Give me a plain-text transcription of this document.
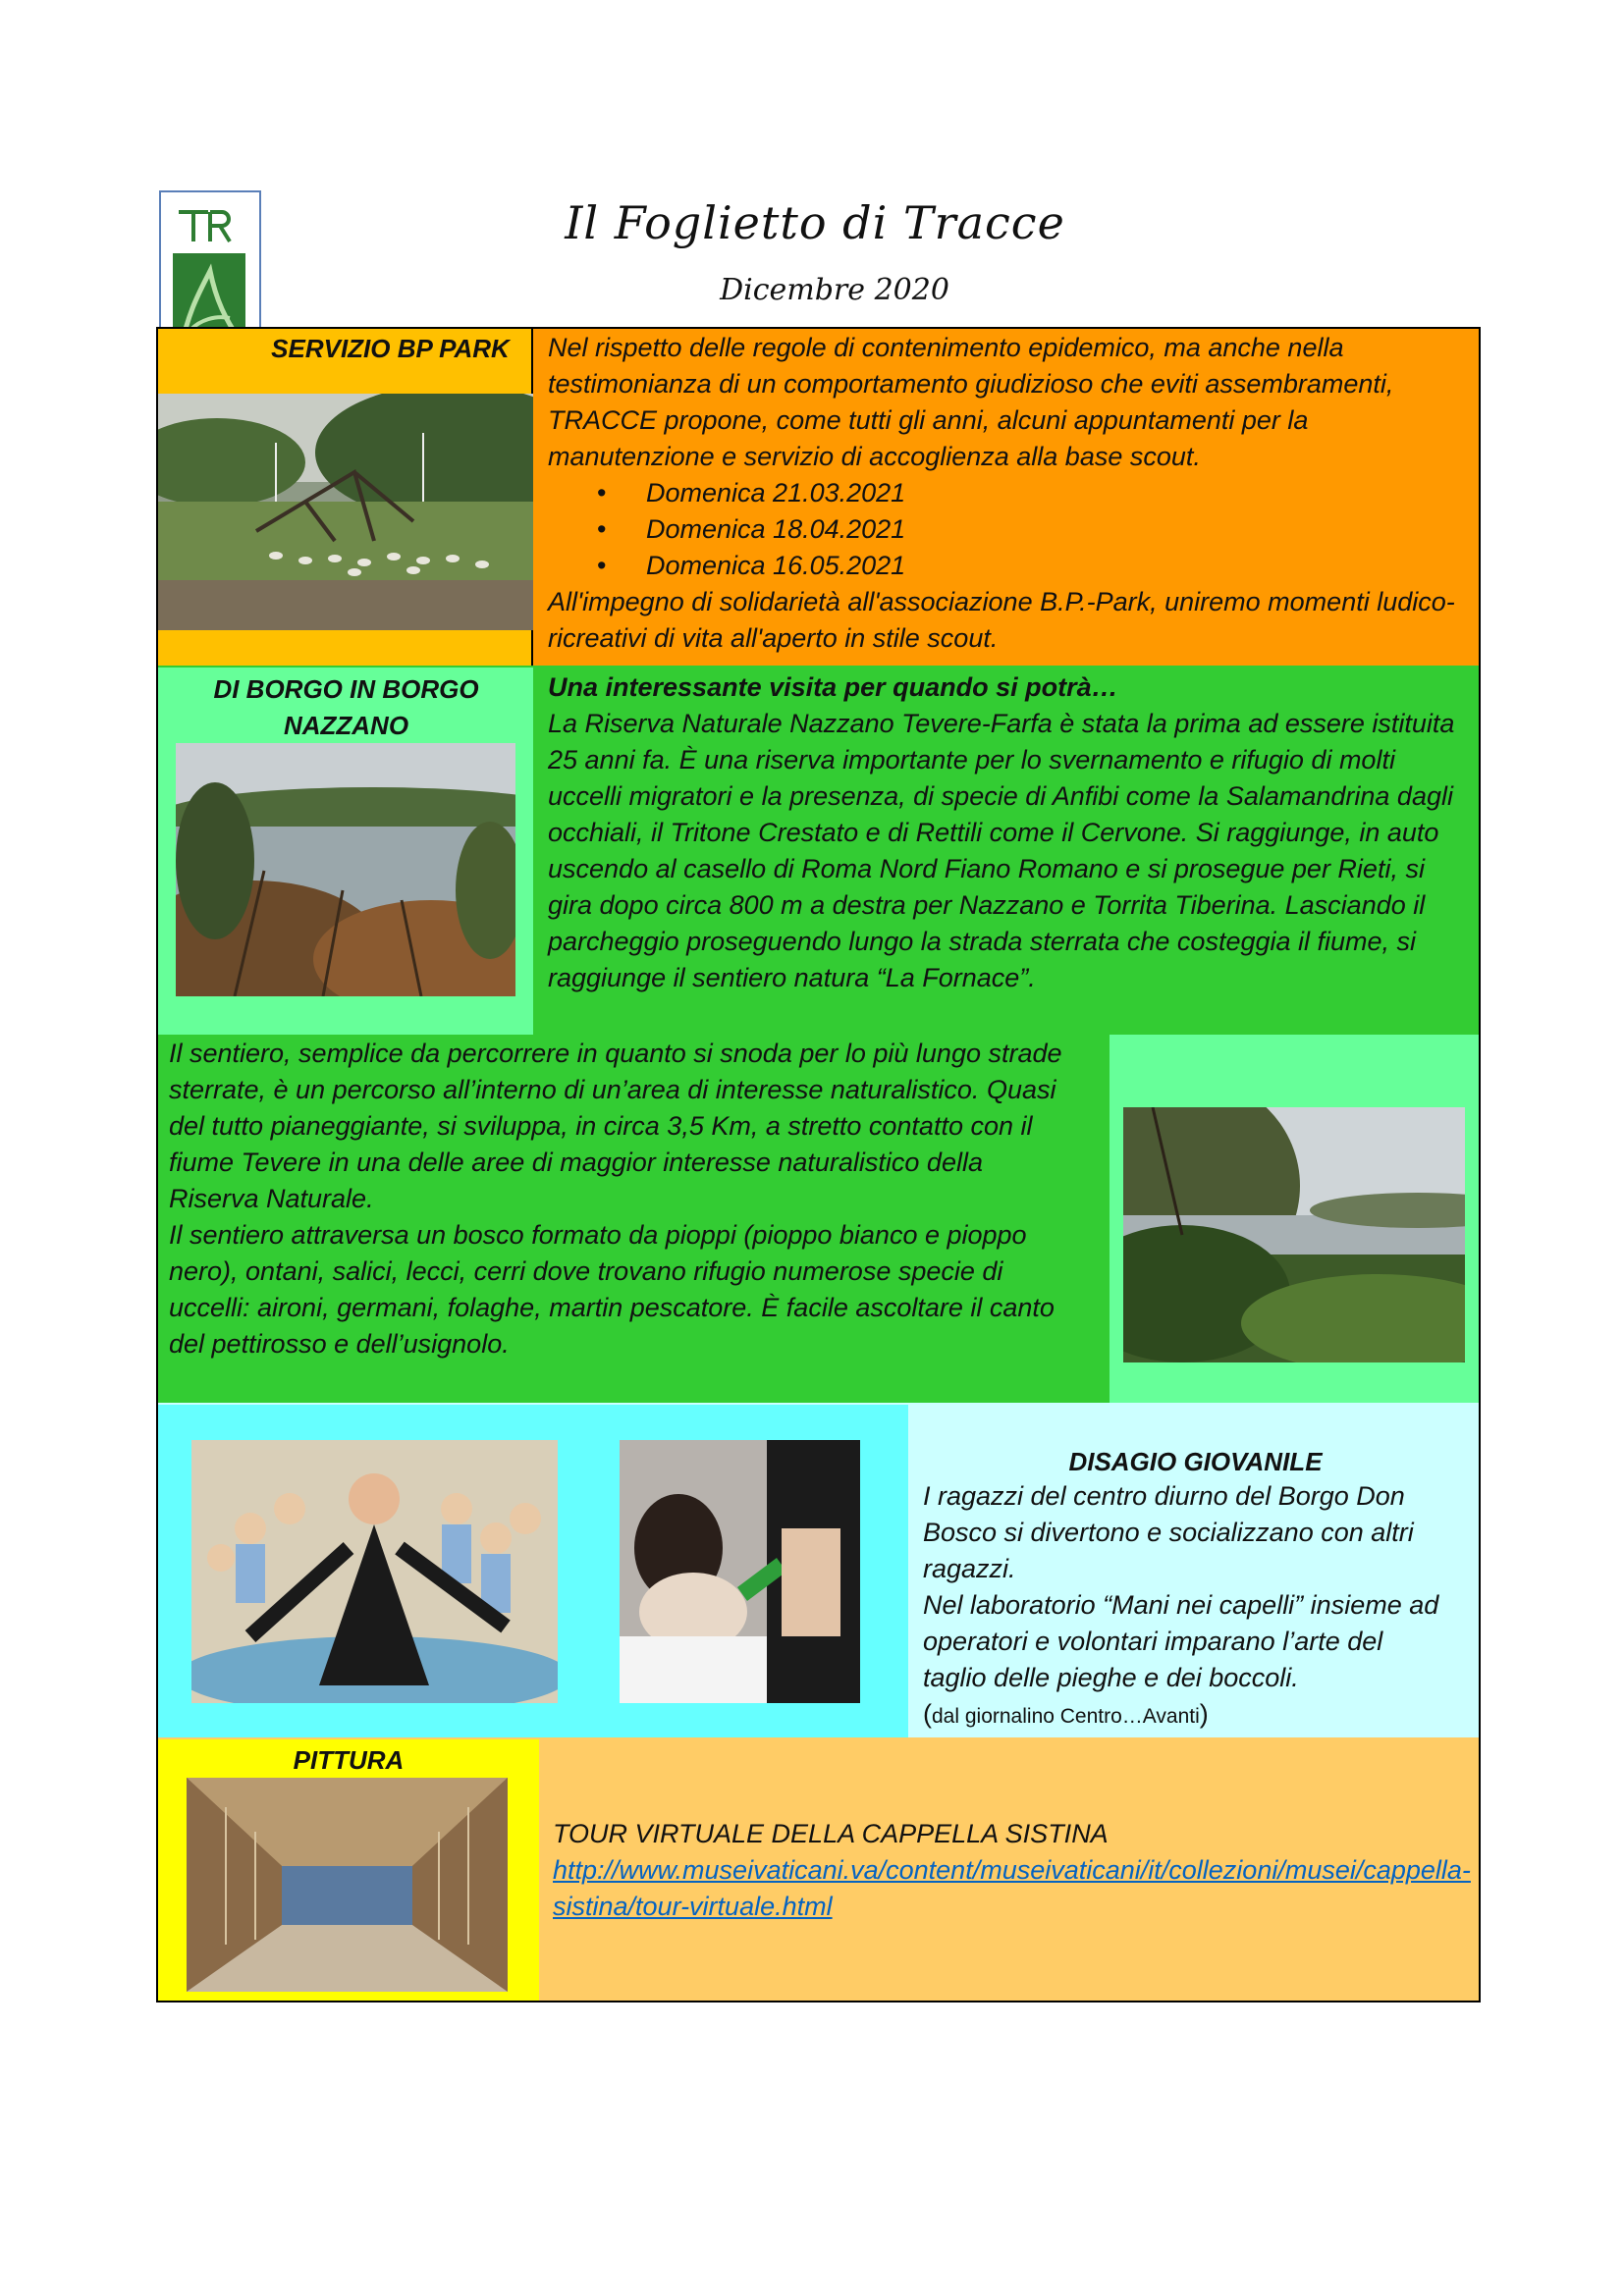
Il Foglietto di Tracce
Dicembre 2020
SERVIZIO BP PARK	Nel rispetto delle regole di contenimento epidemico, ma anche nella testimonianza di un comportamento giudizioso che eviti assembramenti, TRACCE propone, come tutti gli anni, alcuni appuntamenti per la manutenzione e servizio di accoglienza alla base scout.
• Domenica 21.03.2021
• Domenica 18.04.2021
• Domenica 16.05.2021
All'impegno di solidarietà all'associazione B.P.-Park, uniremo momenti ludico-ricreativi di vita all'aperto in stile scout.
DI BORGO IN BORGO
NAZZANO
Una interessante visita per quando si potrà…
La Riserva Naturale Nazzano Tevere-Farfa è stata la prima ad essere istituita 25 anni fa. È una riserva importante per lo svernamento e rifugio di molti uccelli migratori e la presenza, di specie di Anfibi come la Salamandrina dagli occhiali, il Tritone Crestato e di Rettili come il Cervone. Si raggiunge, in auto uscendo al casello di Roma Nord Fiano Romano e si prosegue per Rieti, si gira dopo circa 800 m a destra per Nazzano e Torrita Tiberina. Lasciando il parcheggio proseguendo lungo la strada sterrata che costeggia il fiume, si raggiunge il sentiero natura “La Fornace”.
Il sentiero, semplice da percorrere in quanto si snoda per lo più lungo strade sterrate, è un percorso all’interno di un’area di interesse naturalistico. Quasi del tutto pianeggiante, si sviluppa, in circa 3,5 Km, a stretto contatto con il fiume Tevere in una delle aree di maggior interesse naturalistico della Riserva Naturale.
Il sentiero attraversa un bosco formato da pioppi (pioppo bianco e pioppo nero), ontani, salici, lecci, cerri dove trovano rifugio numerose specie di uccelli: aironi, germani, folaghe, martin pescatore. È facile ascoltare il canto del pettirosso e dell’usignolo.
DISAGIO GIOVANILE
I ragazzi del centro diurno del Borgo Don Bosco si divertono e socializzano con altri ragazzi.
Nel laboratorio “Mani nei capelli” insieme ad operatori e volontari imparano l’arte del taglio delle pieghe e dei boccoli.
(dal giornalino Centro…Avanti)
PITTURA
TOUR VIRTUALE DELLA CAPPELLA SISTINA
http://www.museivaticani.va/content/museivaticani/it/collezioni/musei/cappella-sistina/tour-virtuale.html
